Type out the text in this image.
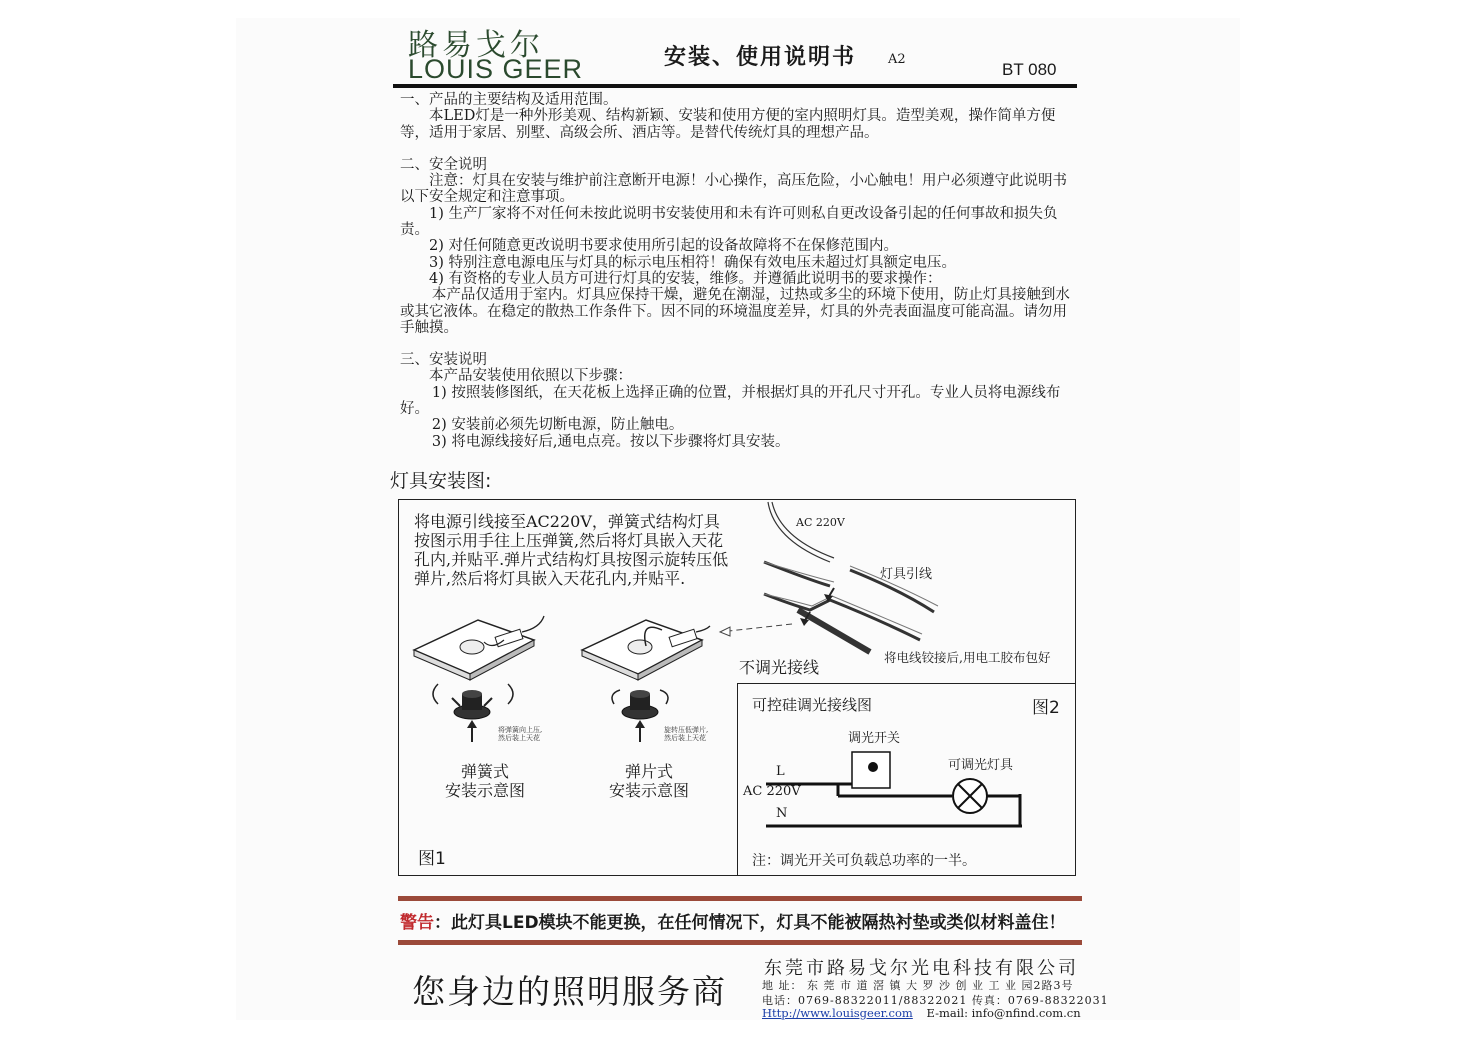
路易戈尔
LOUIS GEER	安装、使用说明书 A2
BT 080

一、产品的主要结构及适用范围。

本LED灯是一种外形美观、结构新颖、安装和使用方便的室内照明灯具。造型美观，操作简单方便等，适用于家居、别墅、高级会所、酒店等。是替代传统灯具的理想产品。

二、安全说明

注意：灯具在安装与维护前注意断开电源！小心操作，高压危险，小心触电！用户必须遵守此说明书以下安全规定和注意事项。

1) 生产厂家将不对任何未按此说明书安装使用和未有许可则私自更改设备引起的任何事故和损失负责。

2) 对任何随意更改说明书要求使用所引起的设备故障将不在保修范围内。

3) 特别注意电源电压与灯具的标示电压相符！确保有效电压未超过灯具额定电压。

4) 有资格的专业人员方可进行灯具的安装，维修。并遵循此说明书的要求操作：

本产品仅适用于室内。灯具应保持干燥，避免在潮湿，过热或多尘的环境下使用，防止灯具接触到水或其它液体。在稳定的散热工作条件下。因不同的环境温度差异，灯具的外壳表面温度可能高温。请勿用手触摸。

三、安装说明

本产品安装使用依照以下步骤：

1) 按照装修图纸，在天花板上选择正确的位置，并根据灯具的开孔尺寸开孔。专业人员将电源线布好。

2) 安装前必须先切断电源，防止触电。

3) 将电源线接好后,通电点亮。按以下步骤将灯具安装。

灯具安装图:
将电源引线接至AC220V，弹簧式结构灯具按图示用手往上压弹簧,然后将灯具嵌入天花孔内,并贴平.弹片式结构灯具按图示旋转压低弹片,然后将灯具嵌入天花孔内,并贴平.
将弹簧向上压,
然后装上天花
旋转压低弹片,
然后装上天花
弹簧式
安装示意图
弹片式
安装示意图
图1
AC 220V
灯具引线
将电线铰接后,用电工胶布包好
不调光接线
可控硅调光接线图	图2
调光开关
可调光灯具
L
AC 220V
N
注：调光开关可负载总功率的一半。
警告：此灯具LED模块不能更换，在任何情况下，灯具不能被隔热衬垫或类似材料盖住！
您身边的照明服务商
东莞市路易戈尔光电科技有限公司
地 址： 东 莞 市 道 滘 镇 大 罗 沙 创 业 工 业 园2路3号
电话：0769-88322011/88322021 传真：0769-88322031
Http://www.louisgeer.com E-mail: info@nfind.com.cn
